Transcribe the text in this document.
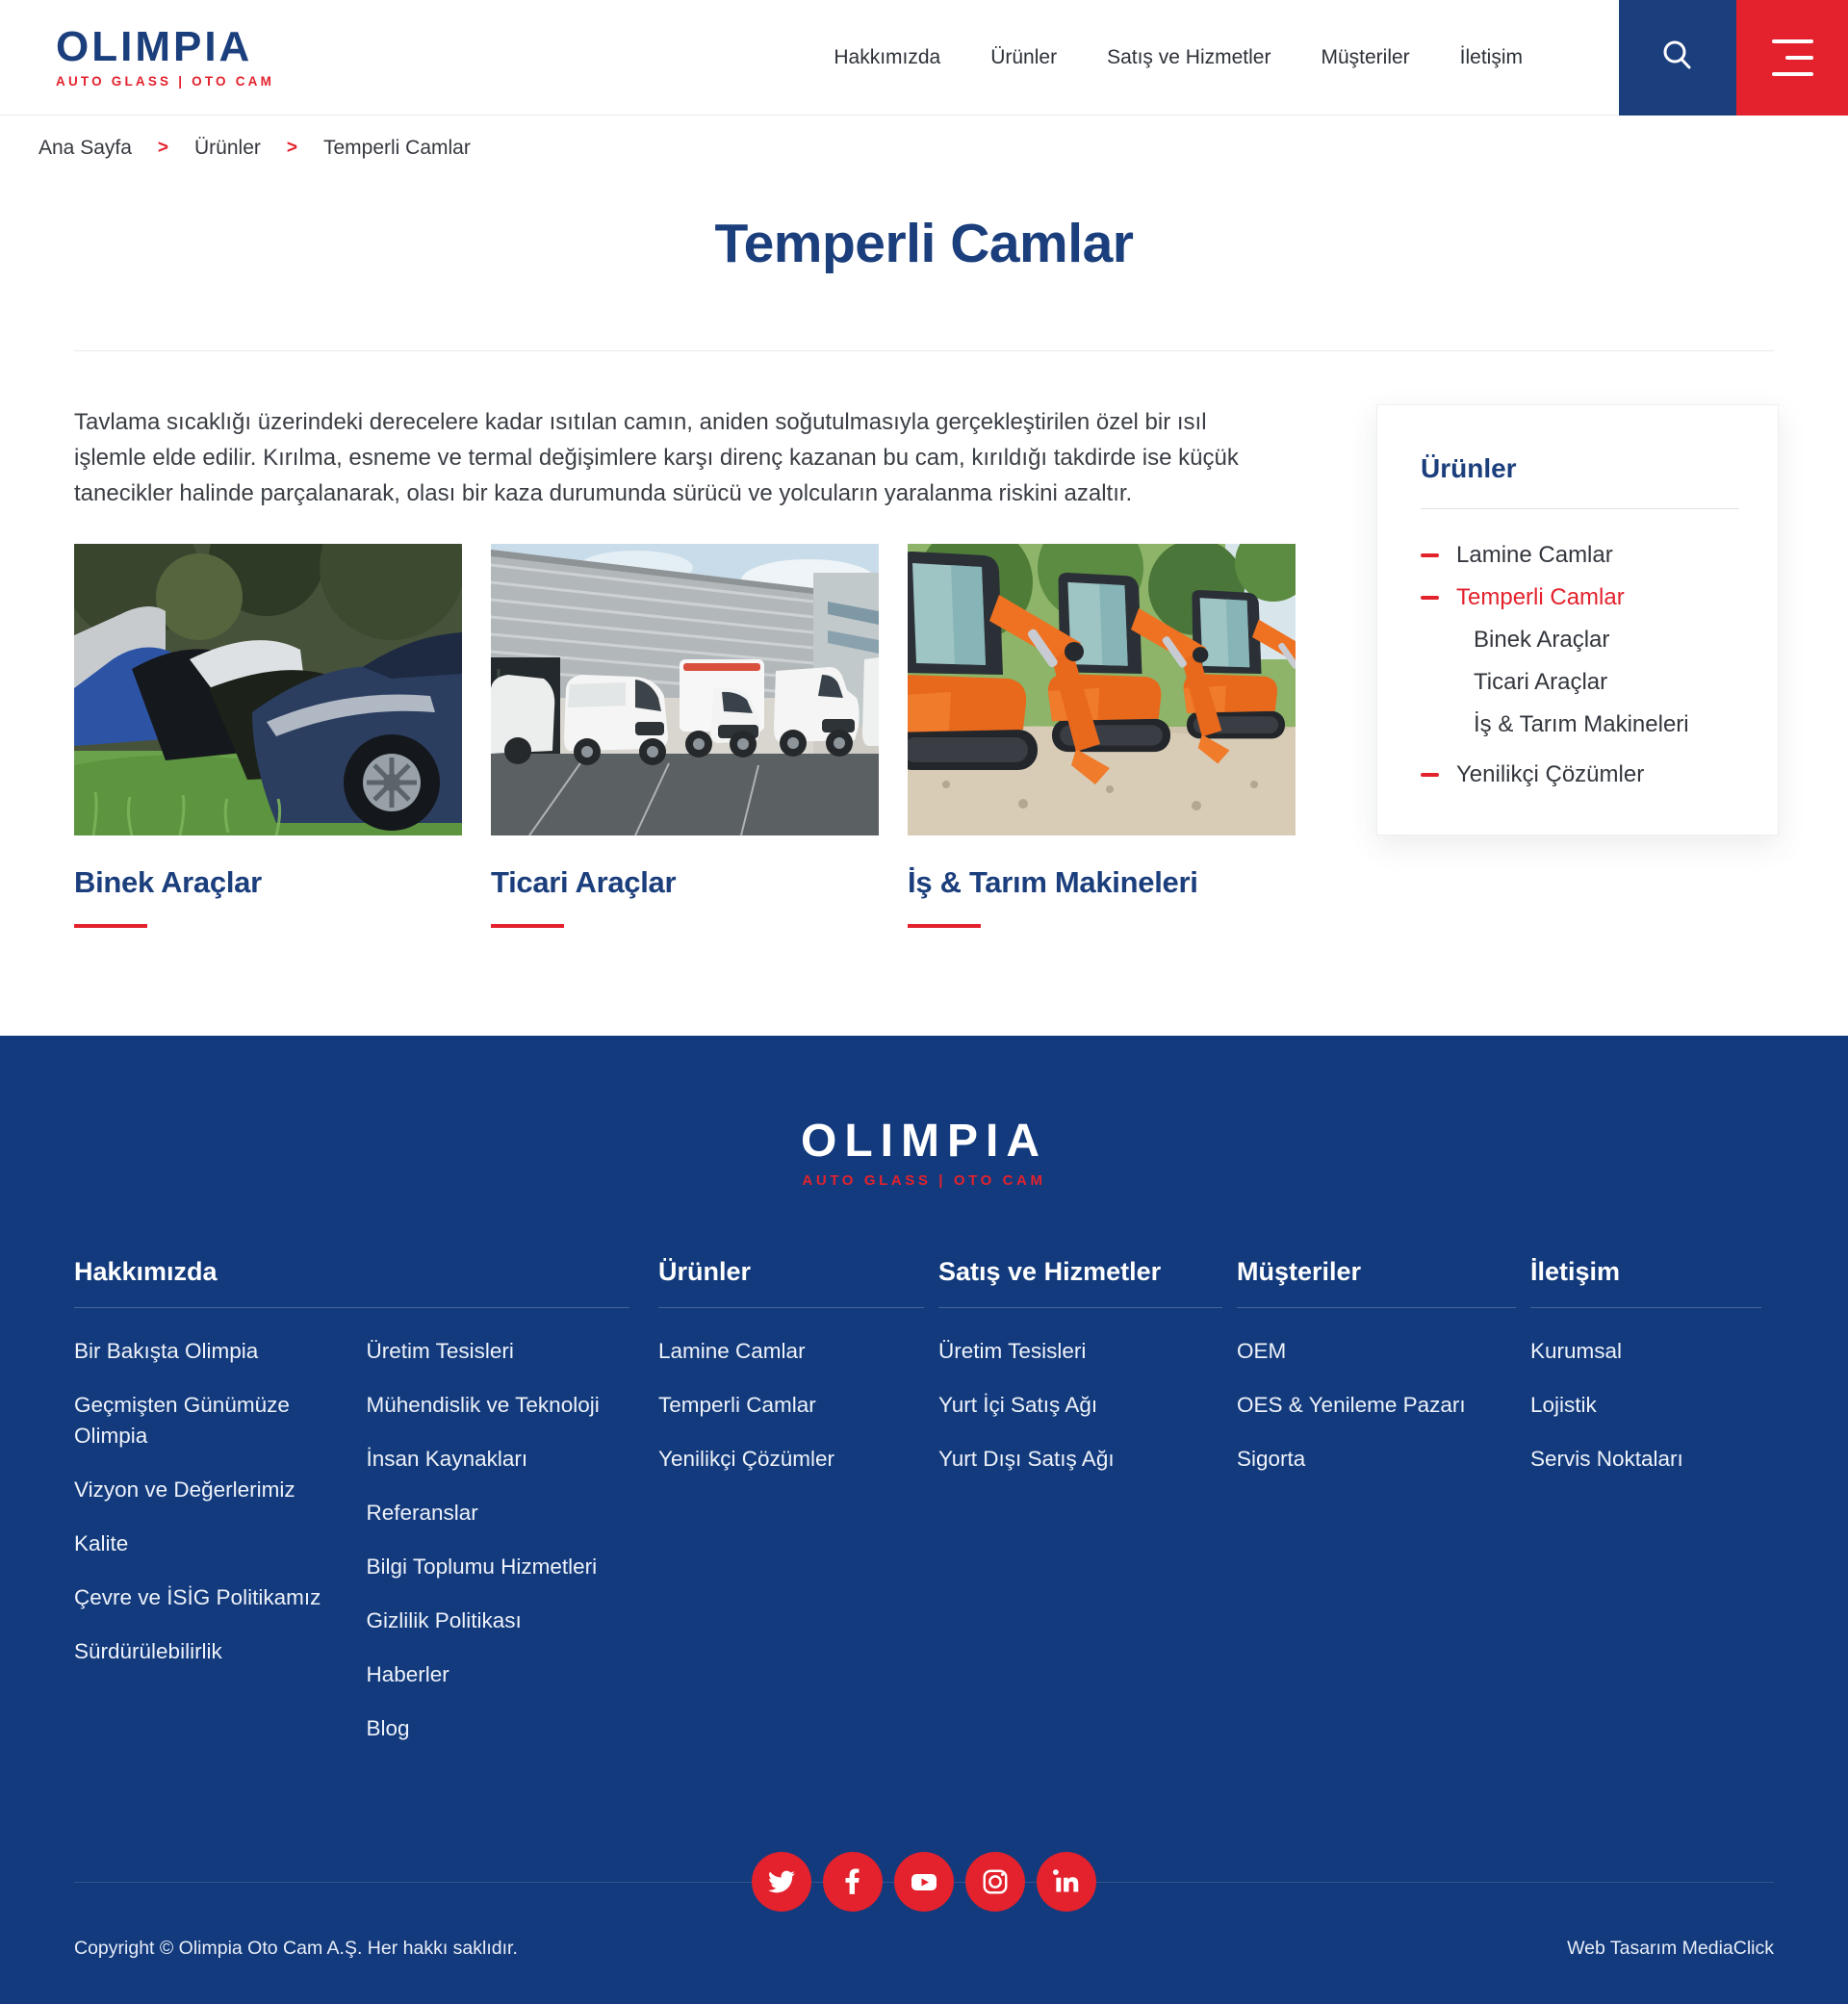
OLIMPIA
AUTO GLASS | OTO CAM
Hakkımızda Ürünler Satış ve Hizmetler Müşteriler İletişim
Ana Sayfa > Ürünler > Temperli Camlar
Temperli Camlar

Tavlama sıcaklığı üzerindeki derecelere kadar ısıtılan camın, aniden soğutulmasıyla gerçekleştirilen özel bir ısıl işlemle elde edilir. Kırılma, esneme ve termal değişimlere karşı direnç kazanan bu cam, kırıldığı takdirde ise küçük tanecikler halinde parçalanarak, olası bir kaza durumunda sürücü ve yolcuların yaralanma riskini azaltır.

Binek Araçlar	Ticari Araçlar	İş & Tarım Makineleri
Ürünler
Lamine Camlar
Temperli Camlar
Binek Araçlar
Ticari Araçlar
İş & Tarım Makineleri
Yenilikçi Çözümler
OLIMPIA
AUTO GLASS | OTO CAM
Hakkımızda
Bir Bakışta Olimpia
Geçmişten Günümüze Olimpia
Vizyon ve Değerlerimiz
Kalite
Çevre ve İSİG Politikamız
Sürdürülebilirlik
Üretim Tesisleri
Mühendislik ve Teknoloji
İnsan Kaynakları
Referanslar
Bilgi Toplumu Hizmetleri
Gizlilik Politikası
Haberler
Blog
Ürünler
Lamine Camlar
Temperli Camlar
Yenilikçi Çözümler
Satış ve Hizmetler
Üretim Tesisleri
Yurt İçi Satış Ağı
Yurt Dışı Satış Ağı
Müşteriler
OEM
OES & Yenileme Pazarı
Sigorta
İletişim
Kurumsal
Lojistik
Servis Noktaları
Copyright © Olimpia Oto Cam A.Ş. Her hakkı saklıdır.	Web Tasarım MediaClick
